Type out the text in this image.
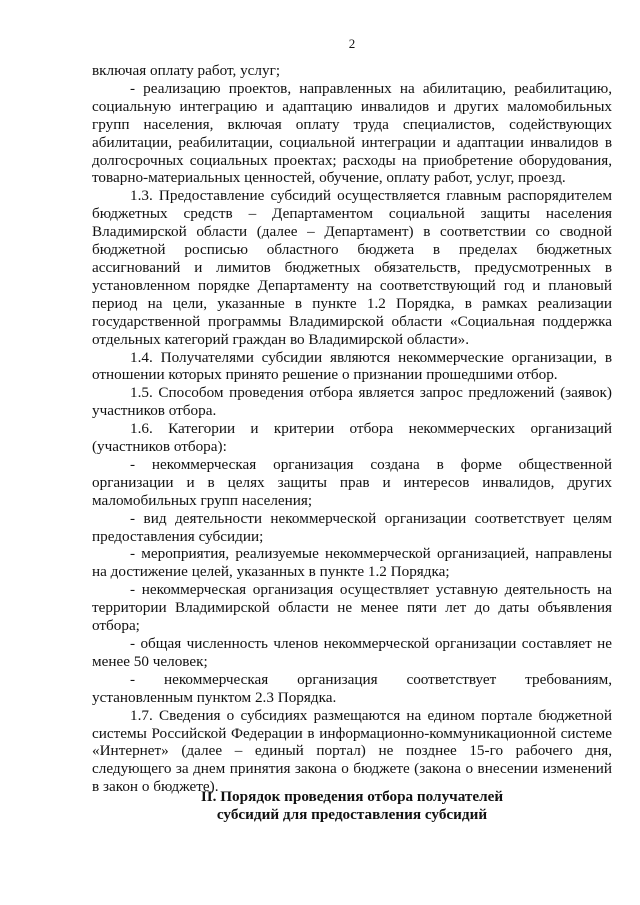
2

включая оплату работ, услуг;

- реализацию проектов, направленных на абилитацию, реабилитацию, социальную интеграцию и адаптацию инвалидов и других маломобильных групп населения, включая оплату труда специалистов, содействующих абилитации, реабилитации, социальной интеграции и адаптации инвалидов в долгосрочных социальных проектах; расходы на приобретение оборудования, товарно-материальных ценностей, обучение, оплату работ, услуг, проезд.

1.3. Предоставление субсидий осуществляется главным распорядителем бюджетных средств – Департаментом социальной защиты населения Владимирской области (далее – Департамент) в соответствии со сводной бюджетной росписью областного бюджета в пределах бюджетных ассигнований и лимитов бюджетных обязательств, предусмотренных в установленном порядке Департаменту на соответствующий год и плановый период на цели, указанные в пункте 1.2 Порядка, в рамках реализации государственной программы Владимирской области «Социальная поддержка отдельных категорий граждан во Владимирской области».

1.4. Получателями субсидии являются некоммерческие организации, в отношении которых принято решение о признании прошедшими отбор.

1.5. Способом проведения отбора является запрос предложений (заявок) участников отбора.

1.6. Категории и критерии отбора некоммерческих организаций (участников отбора):

- некоммерческая организация создана в форме общественной организации и в целях защиты прав и интересов инвалидов, других маломобильных групп населения;

- вид деятельности некоммерческой организации соответствует целям предоставления субсидии;

- мероприятия, реализуемые некоммерческой организацией, направлены на достижение целей, указанных в пункте 1.2 Порядка;

- некоммерческая организация осуществляет уставную деятельность на территории Владимирской области не менее пяти лет до даты объявления отбора;

- общая численность членов некоммерческой организации составляет не менее 50 человек;

- некоммерческая организация соответствует требованиям, установленным пунктом 2.3 Порядка.

1.7. Сведения о субсидиях размещаются на едином портале бюджетной системы Российской Федерации в информационно-коммуникационной системе «Интернет» (далее – единый портал) не позднее 15-го рабочего дня, следующего за днем принятия закона о бюджете (закона о внесении изменений в закон о бюджете).

II. Порядок проведения отбора получателей
субсидий для предоставления субсидий
